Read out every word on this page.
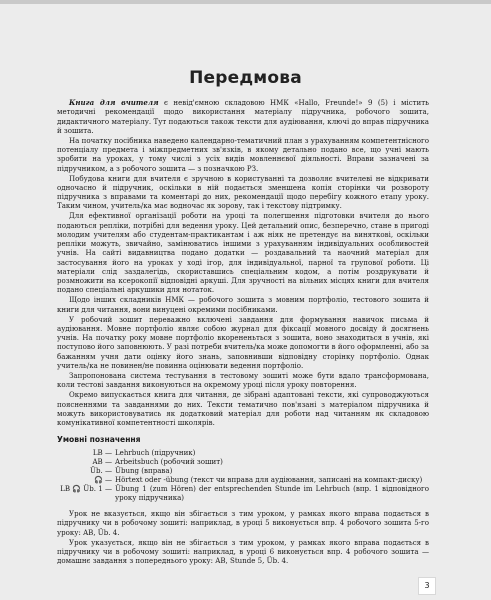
Передмова

Книга для вчителя є невід'ємною складовою НМК «Hallo, Freunde!» 9 (5) і містить методичні рекомендації щодо використання матеріалу підручника, робочого зошита, дидактичного матеріалу. Тут подаються також тексти для аудіювання, ключі до вправ підручника й зошита.

На початку посібника наведено календарно-тематичний план з урахуванням компетентнісного потенціалу предмета і міжпредметних зв'язків, в якому детально подано все, що учні мають зробити на уроках, у тому числі з усіх видів мовленнєвої діяльності. Вправи зазначені за підручником, а з робочого зошита — з позначкою РЗ.

Побудова книги для вчителя є зручною в користуванні та дозволяє вчителеві не відкривати одночасно й підручник, оскільки в ній подається зменшена копія сторінки чи розвороту підручника з вправами та коментарі до них, рекомендації щодо перебігу кожного етапу уроку. Таким чином, учитель/ка має водночас як зорову, так і текстову підтримку.

Для ефективної організації роботи на уроці та полегшення підготовки вчителя до нього подаються репліки, потрібні для ведення уроку. Цей детальний опис, безперечно, стане в пригоді молодим учителям або студентам-практикантам і аж ніяк не претендує на виняткові, оскільки репліки можуть, звичайно, замінюватись іншими з урахуванням індивідуальних особливостей учнів. На сайті видавництва подано додатки — роздавальний та наочний матеріал для застосування його на уроках у ході ігор, для індивідуальної, парної та групової роботи. Ці матеріали слід заздалегідь, скориставшись спеціальним кодом, а потім роздрукувати й розмножити на ксерокопії відповідні аркуші. Для зручності на вільних місцях книги для вчителя подано спеціальні аркушики для нотаток.

Щодо інших складників НМК — робочого зошита з мовним портфоліо, тестового зошита й книги для читання, вони винуцені окремими посібниками.

У робочий зошит переважно включені завдання для формування навичок письма й аудіювання. Мовне портфоліо являє собою журнал для фіксації мовного досвіду й досягнень учнів. На початку року мовне портфоліо вкорененьться з зошита, воно знаходиться в учнів, які поступово його заповнюють. У разі потреби вчитель/ка може допомогти в його оформленні, або за бажанням учня дати оцінку його знань, заповнивши відповідну сторінку портфоліо. Однак учитель/ка не повинен/не повинна оцінювати ведення портфоліо.

Запропонована система тестування в тестовому зошиті може бути вдало трансформована, коли тестові завдання виконуються на окремому уроці після уроку повторення.

Окремо випускається книга для читання, де зібрані адаптовані тексти, які супроводжуються поясненнями та завданнями до них. Тексти тематично пов'язані з матеріалом підручника й можуть використовуватись як додатковий матеріал для роботи над читанням як складовою комунікативної компетентності школярів.

Умовні позначення
LB — Lehrbuch (підручник)
AB — Arbeitsbuch (робочий зошит)
Üb. — Übung (вправа)
🎧 — Hörtext oder -übung (текст чи вправа для аудіювання, записані на компакт-диску)
LB 🎧 Üb. 1 — Übung 1 (zum Hören) der entsprechenden Stunde im Lehrbuch (впр. 1 відповідного уроку підручника)

Урок не вказується, якщо він збігається з тим уроком, у рамках якого вправа подається в підручнику чи в робочому зошиті: наприклад, в уроці 5 виконується впр. 4 робочого зошита 5-го уроку: AB, Üb. 4.

Урок указується, якщо він не збігається з тим уроком, у рамках якого вправа подається в підручнику чи в робочому зошиті: наприклад, в уроці 6 виконується впр. 4 робочого зошита — домашнє завдання з попереднього уроку: AB, Stunde 5, Üb. 4.

3
